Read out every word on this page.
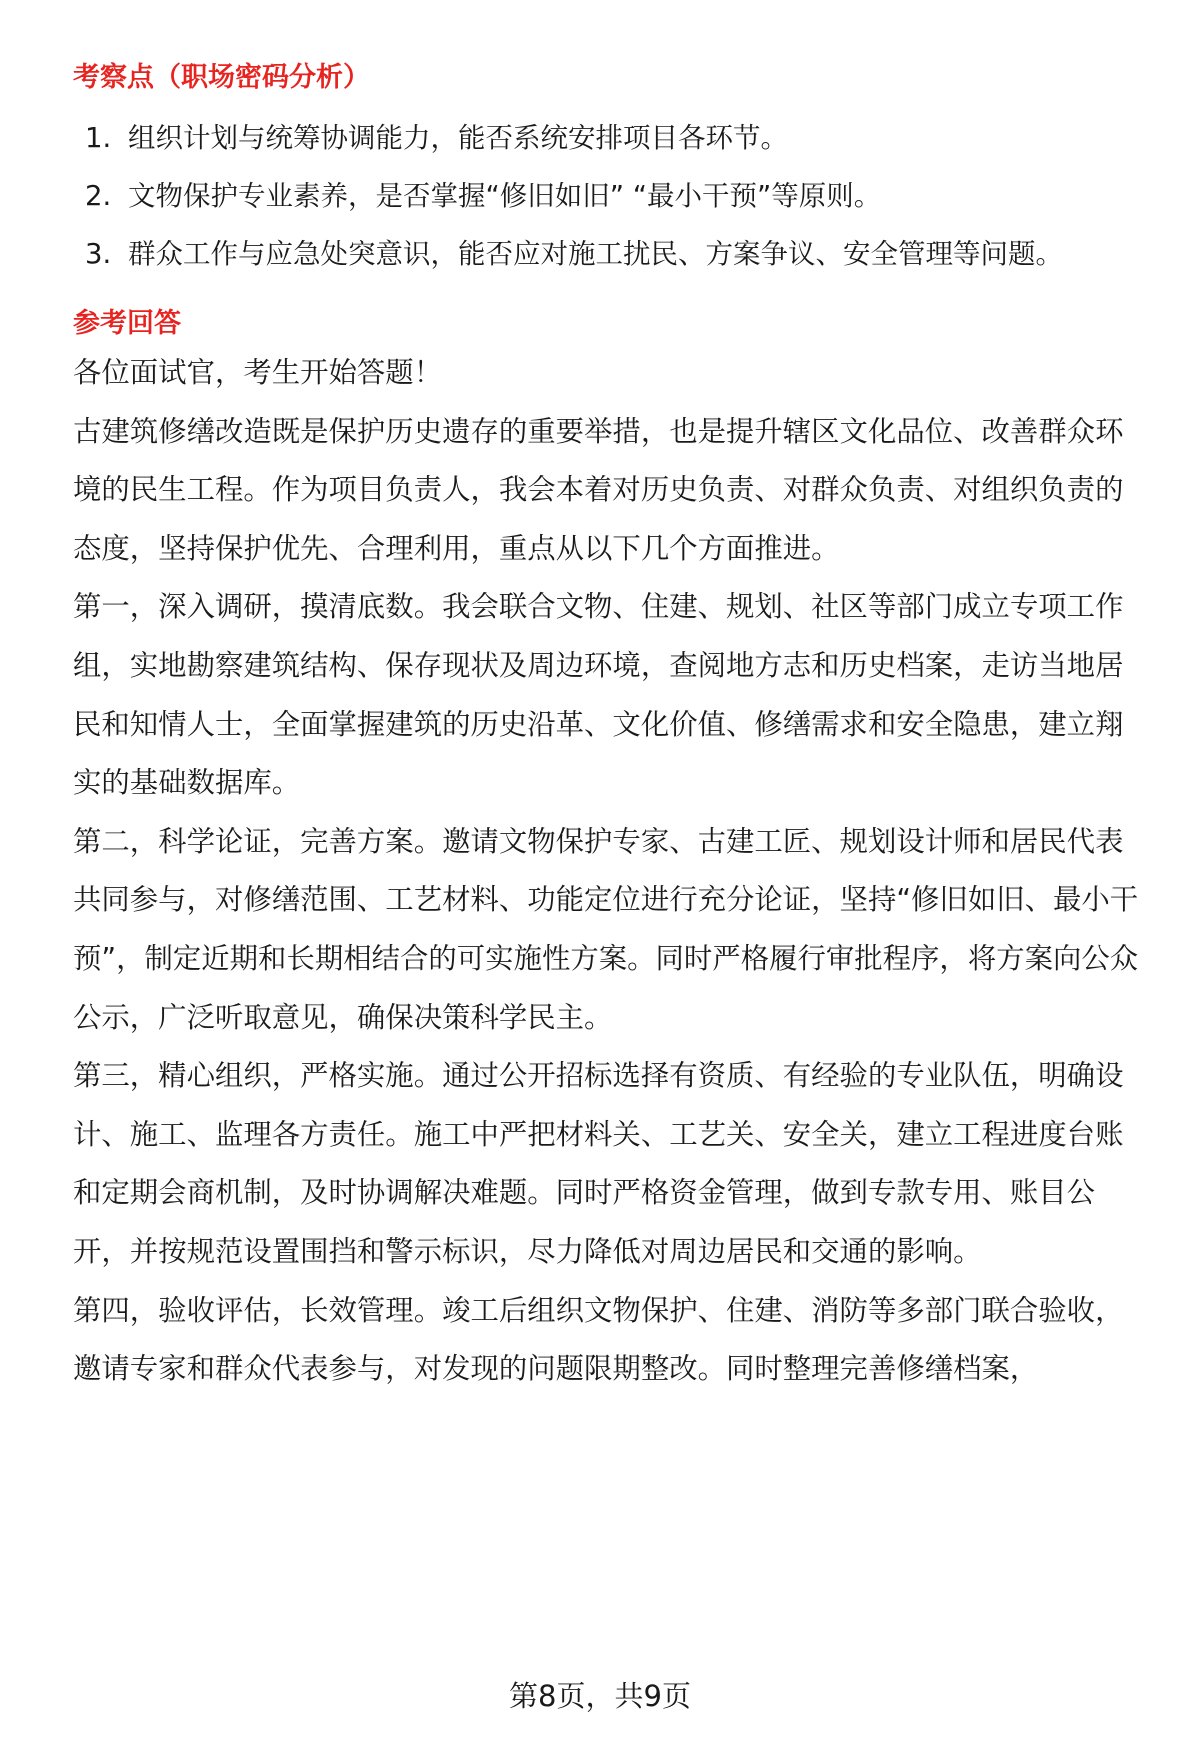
考察点（职场密码分析）
1. 组织计划与统筹协调能力，能否系统安排项目各环节。
2. 文物保护专业素养，是否掌握“修旧如旧” “最小干预”等原则。
3. 群众工作与应急处突意识，能否应对施工扰民、方案争议、安全管理等问题。
参考回答

各位面试官，考生开始答题！

古建筑修缮改造既是保护历史遗存的重要举措，也是提升辖区文化品位、改善群众环境的民生工程。作为项目负责人，我会本着对历史负责、对群众负责、对组织负责的态度，坚持保护优先、合理利用，重点从以下几个方面推进。

第一，深入调研，摸清底数。我会联合文物、住建、规划、社区等部门成立专项工作组，实地勘察建筑结构、保存现状及周边环境，查阅地方志和历史档案，走访当地居民和知情人士，全面掌握建筑的历史沿革、文化价值、修缮需求和安全隐患，建立翔实的基础数据库。

第二，科学论证，完善方案。邀请文物保护专家、古建工匠、规划设计师和居民代表共同参与，对修缮范围、工艺材料、功能定位进行充分论证，坚持“修旧如旧、最小干预”，制定近期和长期相结合的可实施性方案。同时严格履行审批程序，将方案向公众公示，广泛听取意见，确保决策科学民主。

第三，精心组织，严格实施。通过公开招标选择有资质、有经验的专业队伍，明确设计、施工、监理各方责任。施工中严把材料关、工艺关、安全关，建立工程进度台账和定期会商机制，及时协调解决难题。同时严格资金管理，做到专款专用、账目公开，并按规范设置围挡和警示标识，尽力降低对周边居民和交通的影响。

第四，验收评估，长效管理。竣工后组织文物保护、住建、消防等多部门联合验收，邀请专家和群众代表参与，对发现的问题限期整改。同时整理完善修缮档案，

第8页，共9页
